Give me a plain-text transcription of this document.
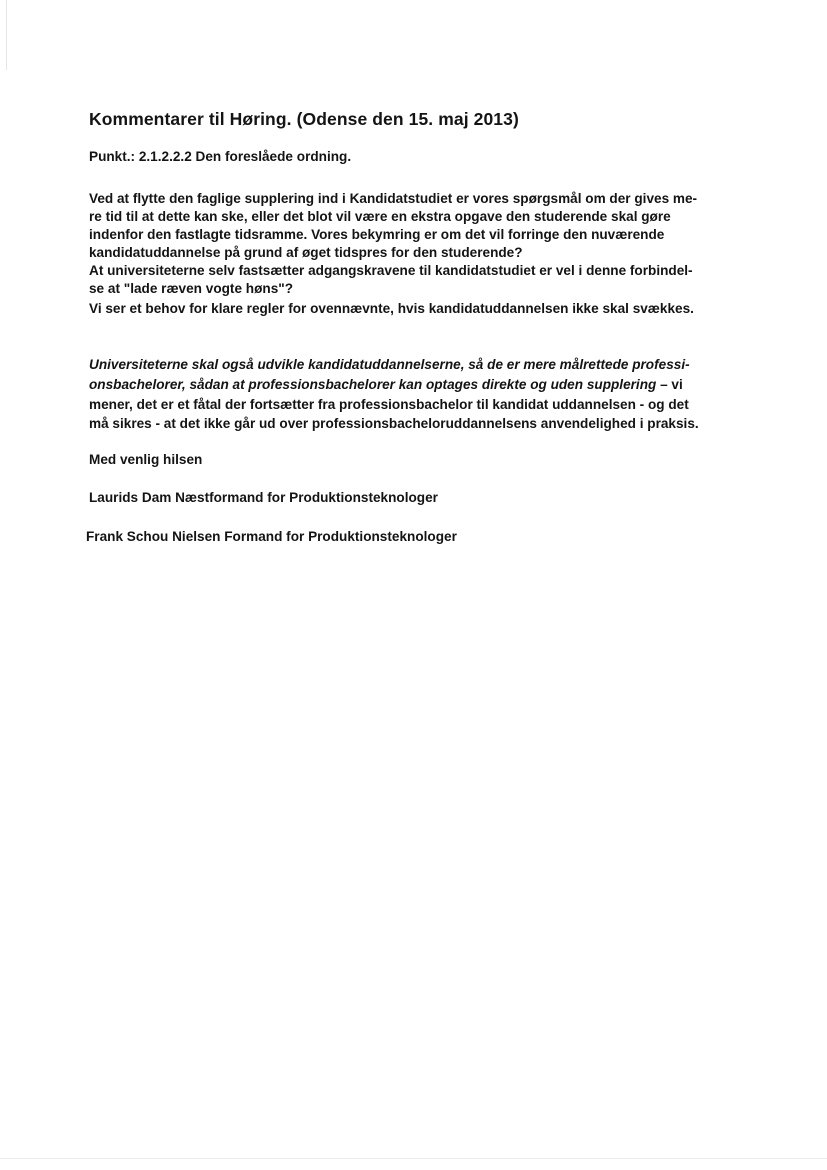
Kommentarer til Høring. (Odense den 15. maj 2013)

Punkt.: 2.1.2.2.2 Den foreslåede ordning.

Ved at flytte den faglige supplering ind i Kandidatstudiet er vores spørgsmål om der gives me-

re tid til at dette kan ske, eller det blot vil være en ekstra opgave den studerende skal gøre

indenfor den fastlagte tidsramme. Vores bekymring er om det vil forringe den nuværende

kandidatuddannelse på grund af øget tidspres for den studerende?

At universiteterne selv fastsætter adgangskravene til kandidatstudiet er vel i denne forbindel-

se at "lade ræven vogte høns"?

Vi ser et behov for klare regler for ovennævnte, hvis kandidatuddannelsen ikke skal svækkes.

Universiteterne skal også udvikle kandidatuddannelserne, så de er mere målrettede professi-

onsbachelorer, sådan at professionsbachelorer kan optages direkte og uden supplering – vi

mener, det er et fåtal der fortsætter fra professionsbachelor til kandidat uddannelsen - og det

må sikres - at det ikke går ud over professionsbacheloruddannelsens anvendelighed i praksis.

Med venlig hilsen

Laurids Dam Næstformand for Produktionsteknologer

Frank Schou Nielsen Formand for Produktionsteknologer
